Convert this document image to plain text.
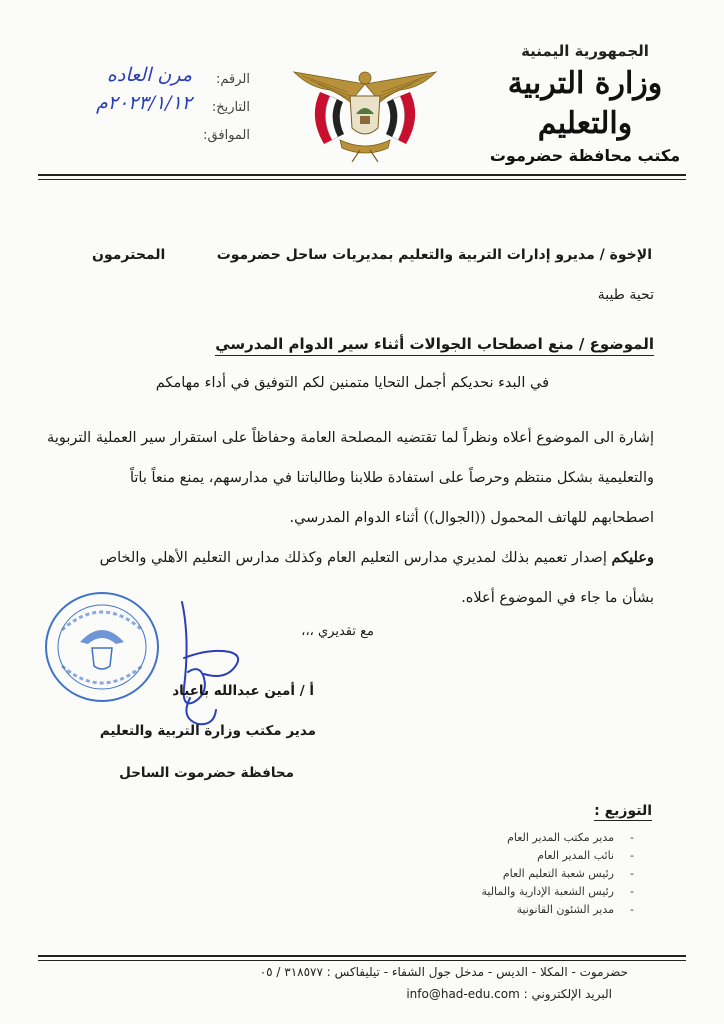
الجمهورية اليمنية
وزارة التربية والتعليم
مكتب محافظة حضرموت
الرقم:
مرن العاده
التاريخ:
٢٠٢٣/١/١٢م
الموافق:
الإخوة / مديرو إدارات التربية والتعليم بمديريات ساحل حضرموت
المحترمون
تحية طيبة
الموضوع / منع اصطحاب الجوالات أثناء سير الدوام المدرسي
في البدء نحديكم أجمل التحايا متمنين لكم التوفيق في أداء مهامكم
إشارة الى الموضوع أعلاه ونظراً لما تقتضيه المصلحة العامة وحفاظاً على استقرار سير العملية التربوية
والتعليمية بشكل منتظم وحرصاً على استفادة طلابنا وطالباتنا في مدارسهم، يمنع منعاً باتاً
اصطحابهم للهاتف المحمول ((الجوال)) أثناء الدوام المدرسي.
وعليكم إصدار تعميم بذلك لمديري مدارس التعليم العام وكذلك مدارس التعليم الأهلي والخاص
بشأن ما جاء في الموضوع أعلاه.
مع تقديري ،،،
أ / أمين عبدالله باعباد
مدير مكتب وزارة التربية والتعليم
محافظة حضرموت الساحل
التوزيع :
-
مدير مكتب المدير العام
-
نائب المدير العام
-
رئيس شعبة التعليم العام
-
رئيس الشعبة الإدارية والمالية
-
مدير الشئون القانونية
حضرموت - المكلا - الديس - مدخل جول الشفاء - تيليفاكس : ٣١٨٥٧٧ / ٠٥
البريد الإلكتروني : info@had-edu.com
